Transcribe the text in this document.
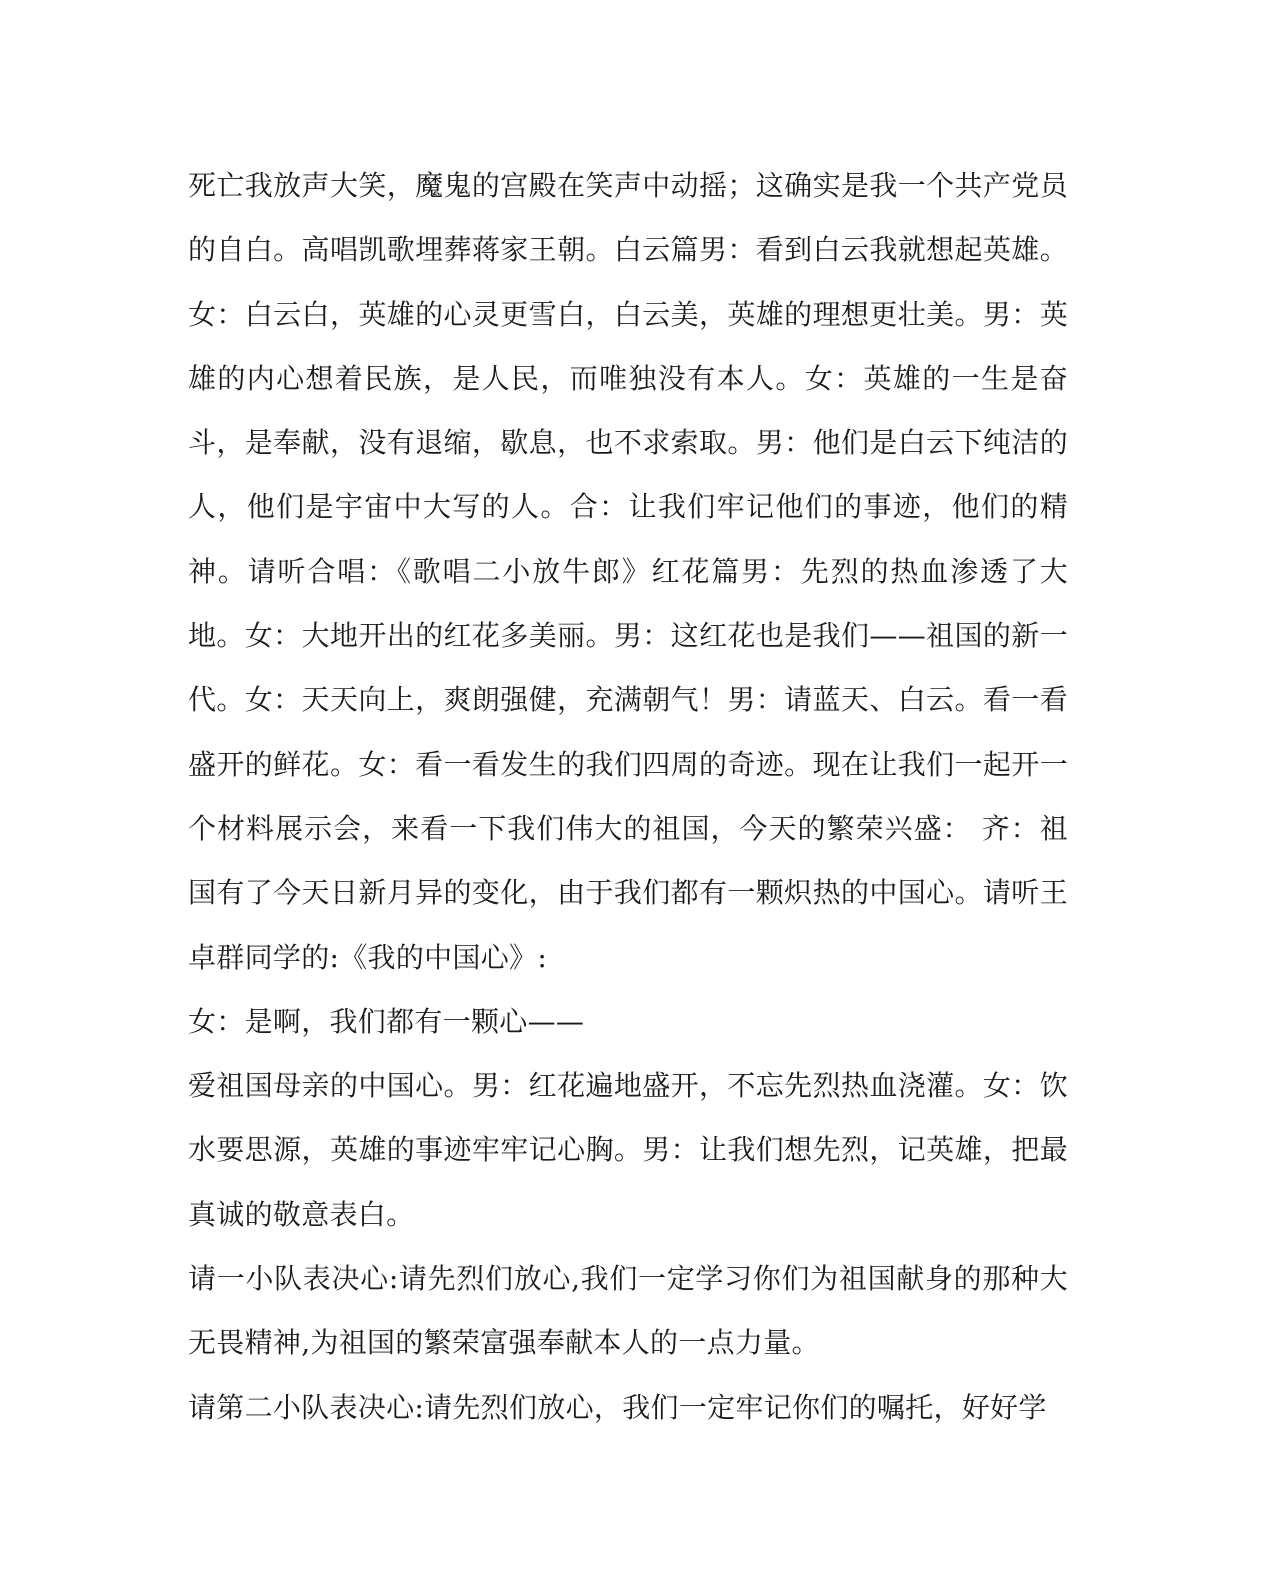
死亡我放声大笑，魔鬼的宫殿在笑声中动摇；这确实是我一个共产党员的自白。高唱凯歌埋葬蒋家王朝。白云篇男：看到白云我就想起英雄。女：白云白，英雄的心灵更雪白，白云美，英雄的理想更壮美。男：英雄的内心想着民族，是人民，而唯独没有本人。女：英雄的一生是奋斗，是奉献，没有退缩，歇息，也不求索取。男：他们是白云下纯洁的人，他们是宇宙中大写的人。合：让我们牢记他们的事迹，他们的精神。请听合唱：《歌唱二小放牛郎》红花篇男：先烈的热血渗透了大地。女：大地开出的红花多美丽。男：这红花也是我们——祖国的新一代。女：天天向上，爽朗强健，充满朝气！男：请蓝天、白云。看一看盛开的鲜花。女：看一看发生的我们四周的奇迹。现在让我们一起开一个材料展示会，来看一下我们伟大的祖国，今天的繁荣兴盛： 齐：祖国有了今天日新月异的变化，由于我们都有一颗炽热的中国心。请听王卓群同学的:《我的中国心》:

女：是啊，我们都有一颗心——

爱祖国母亲的中国心。男：红花遍地盛开，不忘先烈热血浇灌。女：饮水要思源，英雄的事迹牢牢记心胸。男：让我们想先烈，记英雄，把最真诚的敬意表白。

请一小队表决心:请先烈们放心,我们一定学习你们为祖国献身的那种大无畏精神,为祖国的繁荣富强奉献本人的一点力量。

请第二小队表决心:请先烈们放心，我们一定牢记你们的嘱托，好好学
